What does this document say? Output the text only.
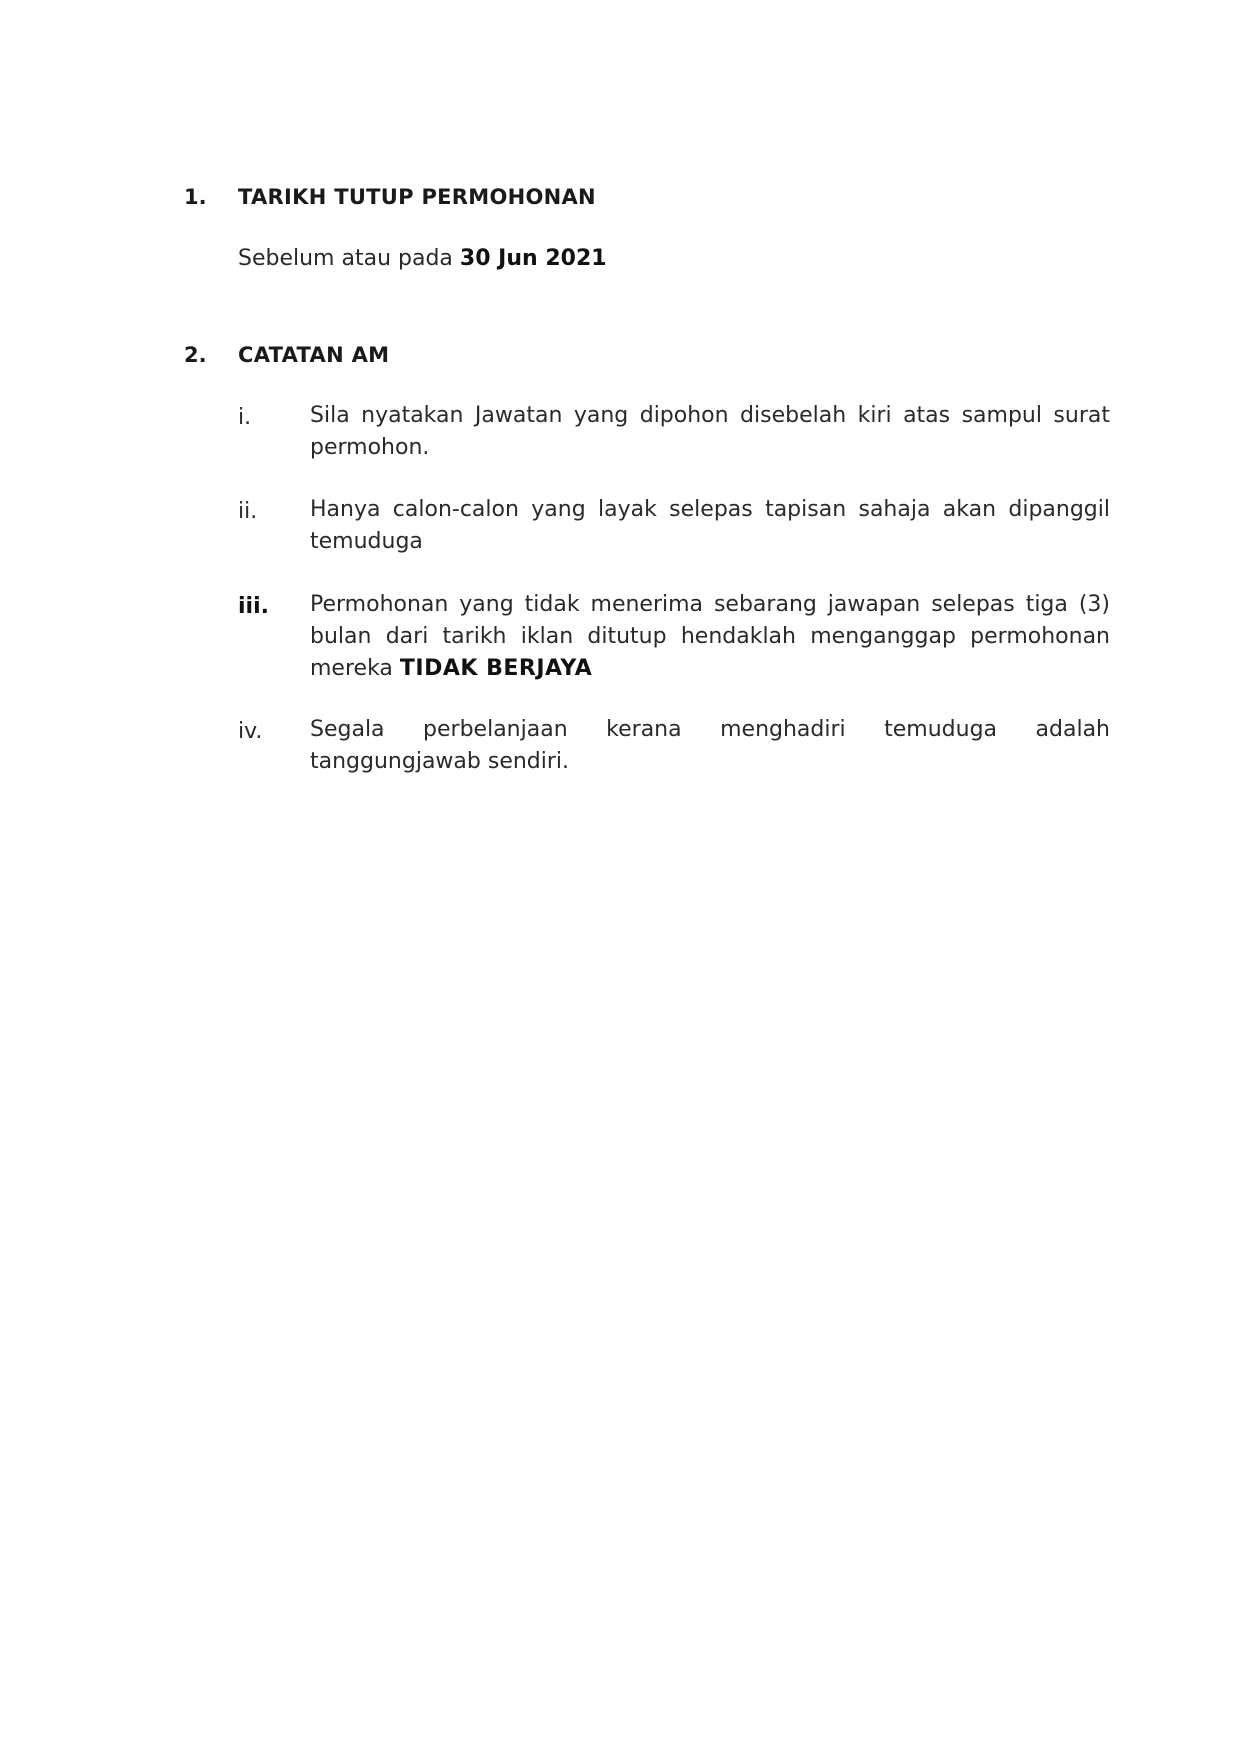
1. TARIKH TUTUP PERMOHONAN
Sebelum atau pada 30 Jun 2021
2. CATATAN AM
i.	Sila nyatakan Jawatan yang dipohon disebelah kiri atas sampul surat permohon.
ii. Hanya calon-calon yang layak selepas tapisan sahaja akan dipanggil temuduga
iii. Permohonan yang tidak menerima sebarang jawapan selepas tiga (3) bulan dari tarikh iklan ditutup hendaklah menganggap permohonan mereka TIDAK BERJAYA
iv. Segala perbelanjaan kerana menghadiri temuduga adalah tanggungjawab sendiri.
